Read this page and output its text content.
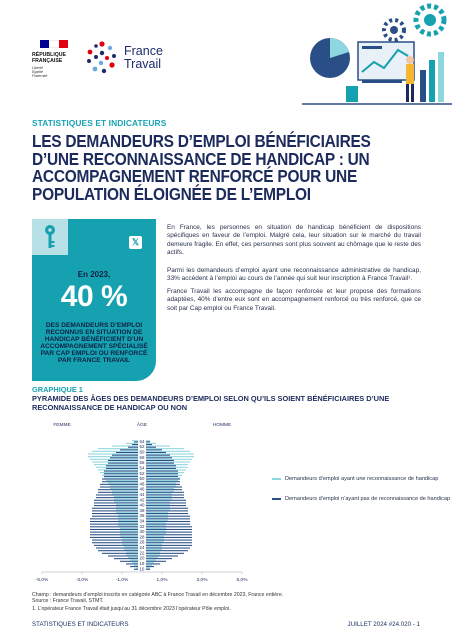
RÉPUBLIQUE
FRANÇAISE
Liberté
Égalité
Fraternité
France
Travail
STATISTIQUES ET INDICATEURS
LES DEMANDEURS D’EMPLOI BÉNÉFICIAIRES D’UNE RECONNAISSANCE DE HANDICAP : UN ACCOMPAGNEMENT RENFORCÉ POUR UNE POPULATION ÉLOIGNÉE DE L’EMPLOI
𝕏
En 2023,
40 %
DES DEMANDEURS D’EMPLOI RECONNUS EN SITUATION DE HANDICAP BÉNÉFICIENT D’UN ACCOMPAGNEMENT SPÉCIALISÉ PAR CAP EMPLOI OU RENFORCÉ PAR FRANCE TRAVAIL
En France, les personnes en situation de handicap bénéficient de dispositions spécifiques en faveur de l’emploi. Malgré cela, leur situation sur le marché du travail demeure fragile. En effet, ces personnes sont plus souvent au chômage que le reste des actifs.
Parmi les demandeurs d’emploi ayant une reconnaissance administrative de handicap, 33% accèdent à l’emploi au cours de l’année qui suit leur inscription à France Travail¹.
France Travail les accompagne de façon renforcée et leur propose des formations adaptées, 40% d’entre eux sont en accompagnement renforcé ou très renforcé, que ce soit par Cap emploi ou France Travail.
GRAPHIQUE 1
PYRAMIDE DES ÂGES DES DEMANDEURS D’EMPLOI SELON QU’ILS SOIENT BÉNÉFICIAIRES D’UNE RECONNAISSANCE DE HANDICAP OU NON
FEMME	ÂGE	HOMME
16
18
20
22
24
26
28
30
32
34
36
38
40
42
44
46
48
50
52
54
56
58
60
62
64
-5,0%	-3,0%	-1,0%	1,0%	3,0%	5,0%
Demandeurs d’emploi ayant une reconnaissance de handicap
Demandeurs d’emploi n’ayant pas de reconnaissance de handicap
Champ : demandeurs d’emploi inscrits en catégorie ABC à France Travail en décembre 2023, France entière.
Source : France Travail, STMT.
1. L’opérateur France Travail était jusqu’au 31 décembre 2023 l’opérateur Pôle emploi.
STATISTIQUES ET INDICATEURS	JUILLET 2024 #24.020 - 1
